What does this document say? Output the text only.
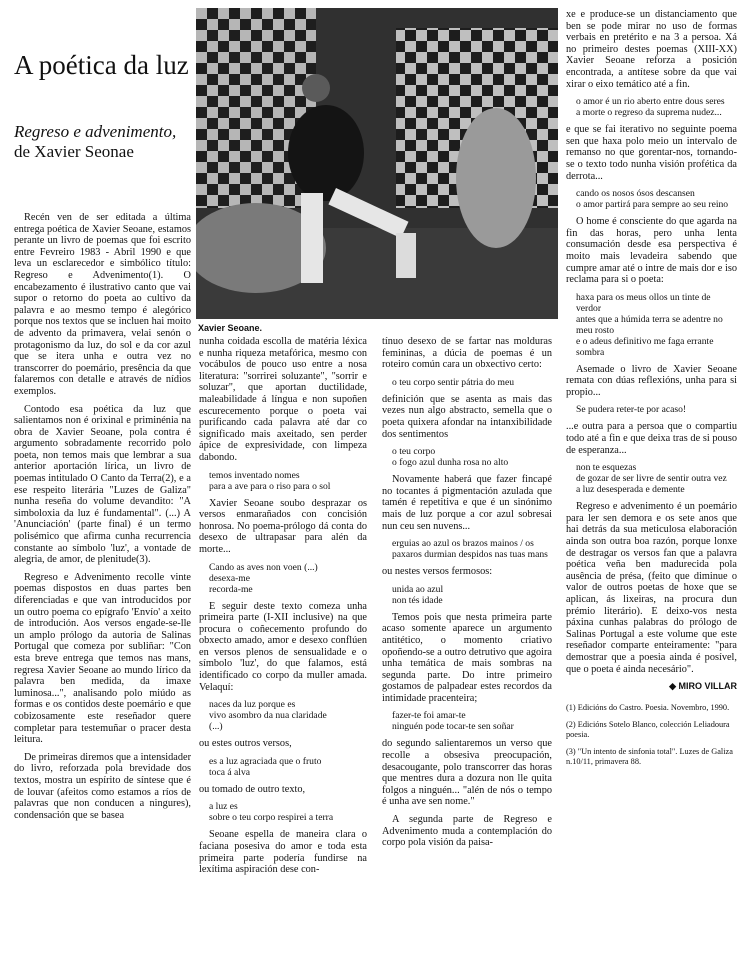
A poética da luz
Regreso e advenimento,
de Xavier Seonae

Recén ven de ser editada a última entrega poética de Xavier Seoane, estamos perante un livro de poemas que foi escrito entre Fevreiro 1983 - Abril 1990 e que leva un esclarecedor e simbólico título: Regreso e Advenimento(1). O encabezamento é ilustrativo canto que vai supor o retorno do poeta ao cultivo da palavra e ao mesmo tempo é alegórico porque nos textos que se incluen hai moito de advento da primavera, velai senón o protagonismo da luz, do sol e da cor azul que se itera unha e outra vez no transcorrer do poemário, presência da que falaremos con detalle e através de nídios exemplos.

Contodo esa poética da luz que salientamos non é orixinal e priminénia na obra de Xavier Seoane, pola contra é argumento sobradamente recorrido polo poeta, non temos mais que lembrar a sua anterior aportación lírica, un livro de poemas intitulado O Canto da Terra(2), e a ese respeito literária "Luzes de Galiza" nunha reseña do volume devandito: "A simboloxia da luz é fundamental". (...) A 'Anunciación' (parte final) é un termo polisémico que afirma cunha recurrencia constante ao símbolo 'luz', a vontade de alegria, de amor, de plenitude(3).

Regreso e Advenimento recolle vinte poemas dispostos en duas partes ben diferenciadas e que van introducidos por un outro poema co epígrafo 'Envío' a xeito de introdución. Aos versos engade-se-lle un amplo prólogo da autoria de Salinas Portugal que comeza por subliñar: "Con esta breve entrega que temos nas mans, regresa Xavier Seoane ao mundo lírico da palavra ben medida, da imaxe luminosa...", analisando polo miúdo as formas e os contidos deste poemário e que cobizosamente este reseñador quere completar para testemuñar o pracer desta leitura.

De primeiras diremos que a intensidader do livro, reforzada pola brevidade dos textos, mostra un espírito de síntese que é de louvar (afeitos como estamos a ríos de palavras que non conducen a ningures), condensación que se basea

Xavier Seoane.

nunha coidada escolla de matéria léxica e nunha riqueza metafórica, mesmo con vocábulos de pouco uso entre a nosa literatura: "sorrirei soluzante", "sorrir e soluzar", que aportan ductilidade, maleabilidade á língua e non supoñen escurecemento porque o poeta vai purificando cada palavra até dar co significado mais axeitado, sen perder ápice de expresividade, con limpeza dabondo.

temos inventado nomes
para a ave para o riso para o sol

Xavier Seoane soubo desprazar os versos enmarañados con concisión honrosa. No poema-prólogo dá conta do desexo de ultrapasar para alén da morte...

Cando as aves non voen (...)
desexa-me
recorda-me

E seguir deste texto comeza unha primeira parte (I-XII inclusive) na que procura o coñecemento profundo do obxecto amado, amor e desexo conflúen en versos plenos de sensualidade e o símbolo 'luz', do que falamos, está identificado co corpo da muller amada. Velaquí:

naces da luz porque es
vivo asombro da nua claridade
(...)

ou estes outros versos,

es a luz agraciada que o fruto
toca á alva

ou tomado de outro texto,

a luz es
sobre o teu corpo respirei a terra

Seoane espella de maneira clara o faciana posesiva do amor e toda esta primeira parte podería fundirse na lexítima aspiración dese con-

tínuo desexo de se fartar nas molduras femininas, a dúcia de poemas é un roteiro común cara un obxectivo certo:

o teu corpo sentir pátria do meu

definición que se asenta as mais das vezes nun algo abstracto, semella que o poeta quixera afondar na intanxibilidade dos sentimentos

o teu corpo
o fogo azul dunha rosa no alto

Novamente haberá que fazer fincapé no tocantes á pigmentación azulada que tamén é repetitiva e que é un sinónimo mais de luz porque a cor azul sobresai nun ceu sen nuvens...

erguias ao azul os brazos mainos / os paxaros durmian despidos nas tuas mans

ou nestes versos fermosos:

unida ao azul
non tés idade

Temos pois que nesta primeira parte acaso somente aparece un argumento antitético, o momento criativo opoñendo-se a outro detrutivo que agoira unha temática de mais sombras na segunda parte. Do intre primeiro gostamos de palpadear estes recordos da intimidade pracenteira;

fazer-te foi amar-te
ninguén pode tocar-te sen soñar

do segundo salientaremos un verso que recolle a obsesiva preocupación, desacougante, polo transcorrer das horas que mentres dura a dozura non lle quita folgos a ninguén... "alén de nós o tempo é unha ave sen nome."

A segunda parte de Regreso e Advenimento muda a contemplación do corpo pola visión da paisa-

xe e produce-se un distanciamento que ben se pode mirar no uso de formas verbais en pretérito e na 3 a persoa. Xá no primeiro destes poemas (XIII-XX) Xavier Seoane reforza a posición encontrada, a antítese sobre da que vai xirar o eixo temático até a fin.

o amor é un rio aberto entre dous seres
a morte o regreso da suprema nudez...

e que se fai iterativo no seguinte poema sen que haxa polo meio un intervalo de remanso no que gorentar-nos, tornando-se o texto todo nunha visión profética da derrota...

cando os nosos ósos descansen
o amor partirá para sempre ao seu reino

O home é consciente do que agarda na fin das horas, pero unha lenta consumación desde esa perspectiva é moito mais levadeira sabendo que cumpre amar até o intre de mais dor e iso reclama para si o poeta:

haxa para os meus ollos un tinte de verdor
antes que a húmida terra se adentre no meu rosto
e o adeus definitivo me faga errante sombra

Asemade o livro de Xavier Seoane remata con dúas reflexións, unha para si propio...

Se pudera reter-te por acaso!

...e outra para a persoa que o compartiu todo até a fin e que deixa tras de si pouso de esperanza...

non te esquezas
de gozar de ser livre de sentir outra vez
a luz desesperada e demente

Regreso e advenimento é un poemário para ler sen demora e os sete anos que hai detrás da sua meticulosa elaboración ainda son outra boa razón, porque lonxe de destragar os versos fan que a palavra poética veña ben madurecida pola ausência de présa, (feito que diminue o valor de outros poetas de hoxe que se aplican, ás lixeiras, na procura dun prémio literário). E deixo-vos nesta páxina cunhas palabras do prólogo de Salinas Portugal a este volume que este reseñador comparte enteiramente: "para demostrar que a poesia ainda é posível, que o poeta é ainda necesário".

◆ MIRO VILLAR

(1) Edicións do Castro. Poesia. Novembro, 1990.

(2) Edicións Sotelo Blanco, colección Leliadoura poesia.

(3) "Un intento de sinfonia total". Luzes de Galiza n.10/11, primavera 88.
